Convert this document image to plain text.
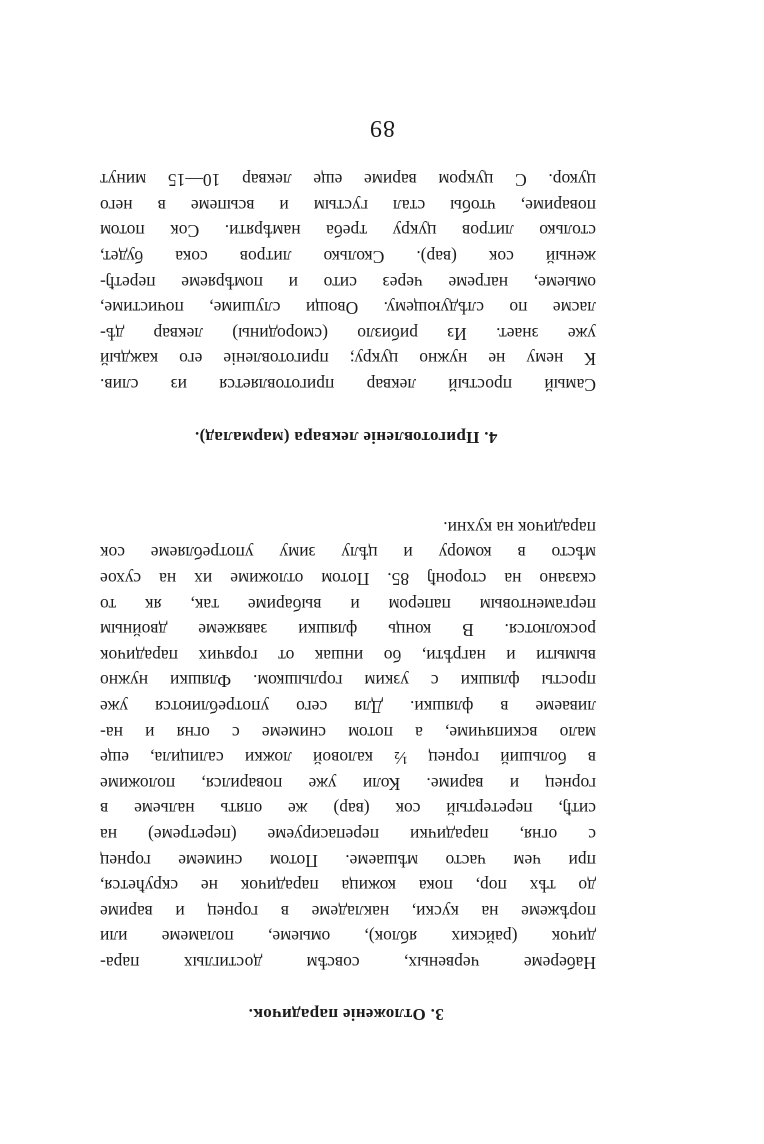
3. Отложеніе парадичок.

Наберeме червеных, совсѣм достиглых пара-
дичок (райских яблок), омыеме, поламеме или
порѣжеме на куски, накладеме в горнец и вариме
до тѣх пор, пока кожица парадичок не скрућется,
при чем часто мѣшаеме. Потом снимеме горнец
с огня, парадички перепасируеме (перетреме) на
ситђ, перетертый сок (вар) же опять нальеме в
горнец и вариме. Коли уже поварился, положиме
в больший горнец ½ каловой ложки салицила, еще
мало вскипячиме, а потом снимеме с огня и на-
ливаеме в фляшки. Для сего употреблиются уже
просты фляшки с узким горлышком. Фляшки нужно
вымыти и нагрѣти, бо иншак от горячих парадичок
росколются. В конць фляшки завяжеме двойным
пергаментовым папером и выбариме так, як то
сказано на сторонђ 85. Потом отложиме их на сухое
мѣсто в комору и цѣлу зиму употребляеме сок
парадичок на кухни.

4. Приготовленіе леквара (мармалад).

Самый простый леквар приготовляется из слив.
К нему не нужно цукру; приготовленіе его каждый
уже знает. Из рибизло (смородины) леквар дѣ-
ласме по слѣдующему. Овощи слушиме, почистиме,
омыеме, нагреме через сито и помѣряеме перетђ-
женый сок (вар). Сколько литров сока будет,
столько литров цукру треба намѣряти. Сок потом
повариме, чтобы стал густым и всыпеме в него
цукор. С цукром вариме еще леквар 10—15 минут

89
